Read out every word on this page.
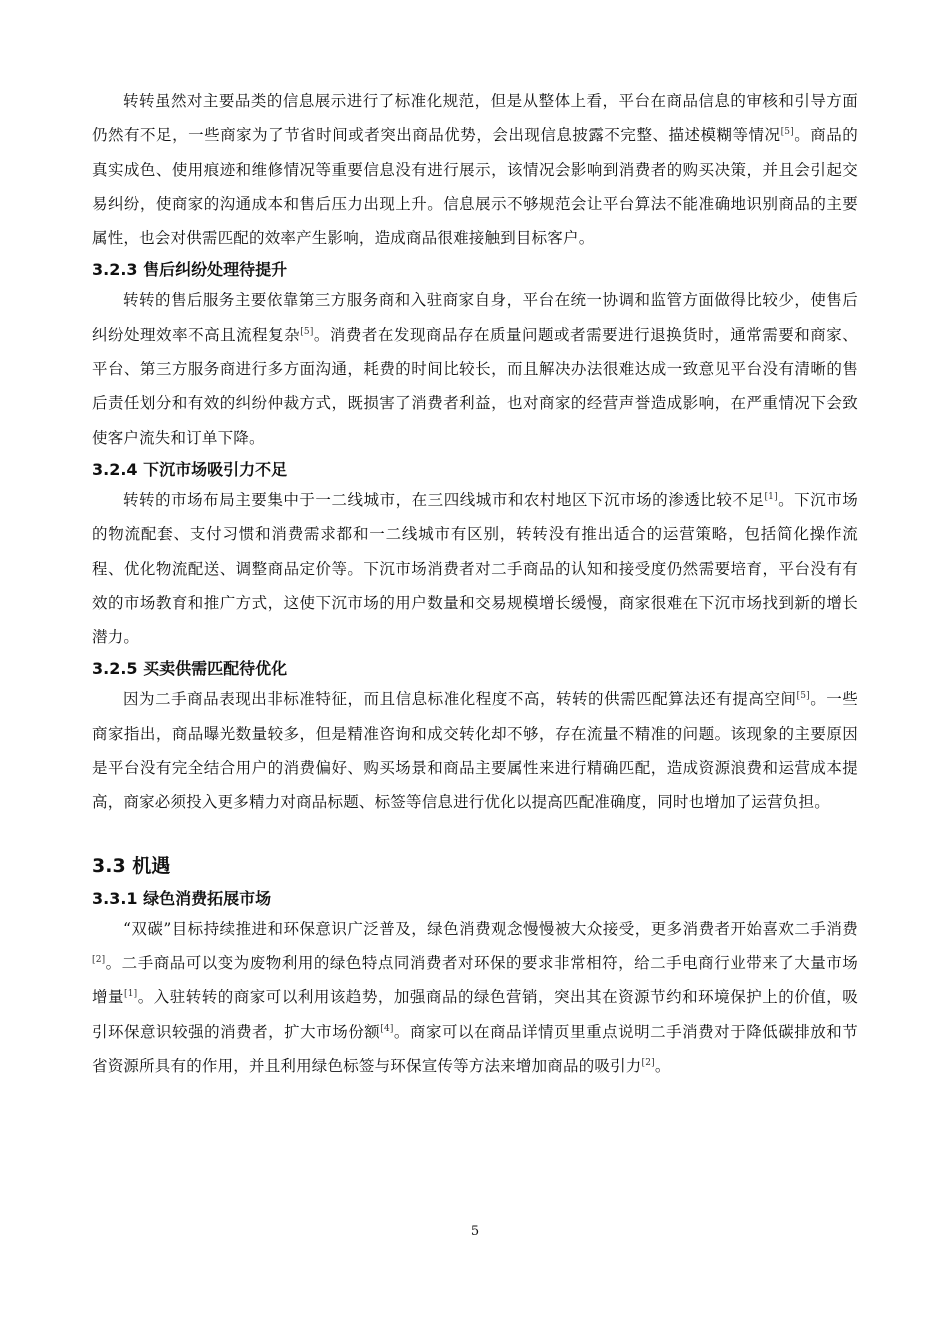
转转虽然对主要品类的信息展示进行了标准化规范，但是从整体上看，平台在商品信息的审核和引导方面仍然有不足，一些商家为了节省时间或者突出商品优势，会出现信息披露不完整、描述模糊等情况[5]。商品的真实成色、使用痕迹和维修情况等重要信息没有进行展示，该情况会影响到消费者的购买决策，并且会引起交易纠纷，使商家的沟通成本和售后压力出现上升。信息展示不够规范会让平台算法不能准确地识别商品的主要属性，也会对供需匹配的效率产生影响，造成商品很难接触到目标客户。

3.2.3 售后纠纷处理待提升

转转的售后服务主要依靠第三方服务商和入驻商家自身，平台在统一协调和监管方面做得比较少，使售后纠纷处理效率不高且流程复杂[5]。消费者在发现商品存在质量问题或者需要进行退换货时，通常需要和商家、平台、第三方服务商进行多方面沟通，耗费的时间比较长，而且解决办法很难达成一致意见平台没有清晰的售后责任划分和有效的纠纷仲裁方式，既损害了消费者利益，也对商家的经营声誉造成影响，在严重情况下会致使客户流失和订单下降。

3.2.4 下沉市场吸引力不足

转转的市场布局主要集中于一二线城市，在三四线城市和农村地区下沉市场的渗透比较不足[1]。下沉市场的物流配套、支付习惯和消费需求都和一二线城市有区别，转转没有推出适合的运营策略，包括简化操作流程、优化物流配送、调整商品定价等。下沉市场消费者对二手商品的认知和接受度仍然需要培育，平台没有有效的市场教育和推广方式，这使下沉市场的用户数量和交易规模增长缓慢，商家很难在下沉市场找到新的增长潜力。

3.2.5 买卖供需匹配待优化

因为二手商品表现出非标准特征，而且信息标准化程度不高，转转的供需匹配算法还有提高空间[5]。一些商家指出，商品曝光数量较多，但是精准咨询和成交转化却不够，存在流量不精准的问题。该现象的主要原因是平台没有完全结合用户的消费偏好、购买场景和商品主要属性来进行精确匹配，造成资源浪费和运营成本提高，商家必须投入更多精力对商品标题、标签等信息进行优化以提高匹配准确度，同时也增加了运营负担。

3.3 机遇
3.3.1 绿色消费拓展市场

“双碳”目标持续推进和环保意识广泛普及，绿色消费观念慢慢被大众接受，更多消费者开始喜欢二手消费[2]。二手商品可以变为废物利用的绿色特点同消费者对环保的要求非常相符，给二手电商行业带来了大量市场增量[1]。入驻转转的商家可以利用该趋势，加强商品的绿色营销，突出其在资源节约和环境保护上的价值，吸引环保意识较强的消费者，扩大市场份额[4]。商家可以在商品详情页里重点说明二手消费对于降低碳排放和节省资源所具有的作用，并且利用绿色标签与环保宣传等方法来增加商品的吸引力[2]。

5
